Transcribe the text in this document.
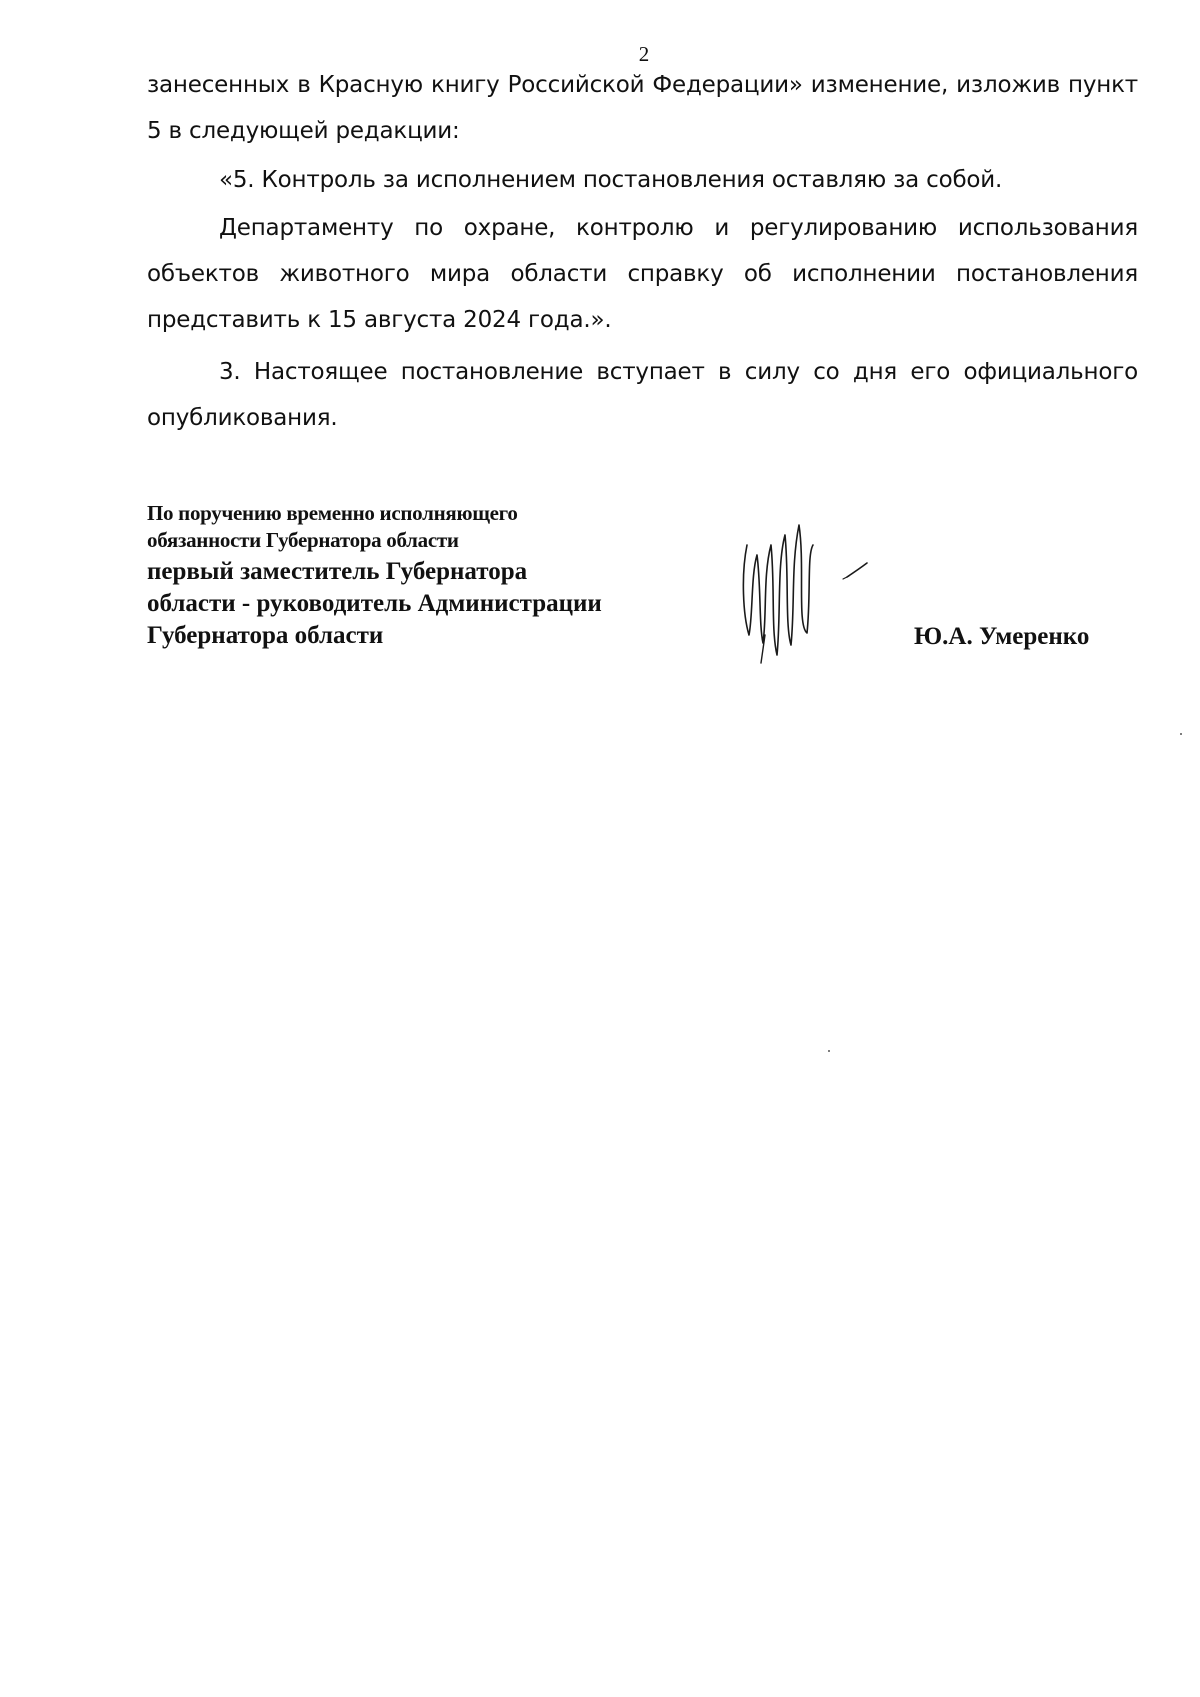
2

занесенных в Красную книгу Российской Федерации» изменение, изложив пункт 5 в следующей редакции:

«5. Контроль за исполнением постановления оставляю за собой.

Департаменту по охране, контролю и регулированию использования объектов животного мира области справку об исполнении постановления представить к 15 августа 2024 года.».

3. Настоящее постановление вступает в силу со дня его официального опубликования.

По поручению временно исполняющего
обязанности Губернатора области
первый заместитель Губернатора
области - руководитель Администрации
Губернатора области	Ю.А. Умеренко
